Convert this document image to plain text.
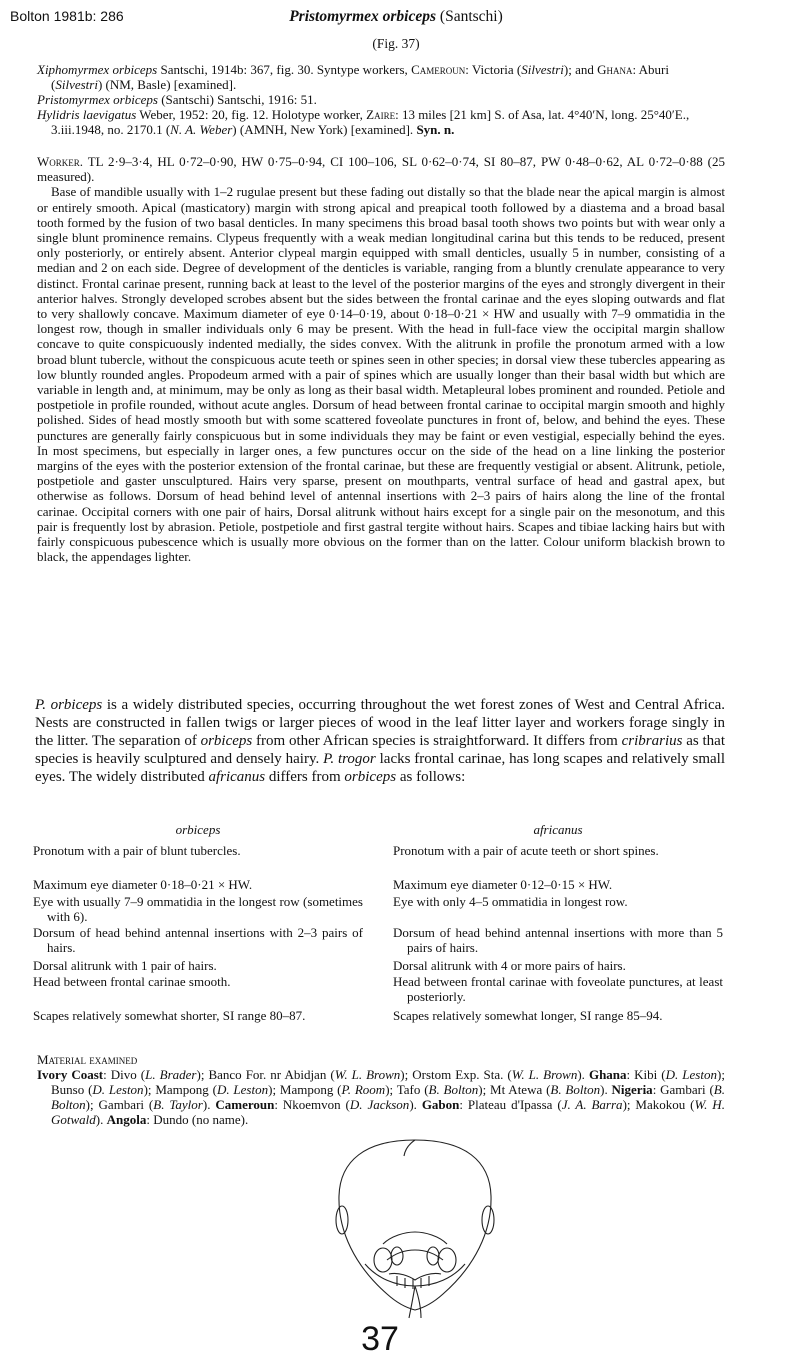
Bolton 1981b: 286	Pristomyrmex orbiceps (Santschi)
(Fig. 37)

Xiphomyrmex orbiceps Santschi, 1914b: 367, fig. 30. Syntype workers, Cameroun: Victoria (Silvestri); and Ghana: Aburi (Silvestri) (NM, Basle) [examined].

Pristomyrmex orbiceps (Santschi) Santschi, 1916: 51.

Hylidris laevigatus Weber, 1952: 20, fig. 12. Holotype worker, Zaire: 13 miles [21 km] S. of Asa, lat. 4°40′N, long. 25°40′E., 3.iii.1948, no. 2170.1 (N. A. Weber) (AMNH, New York) [examined]. Syn. n.

Worker. TL 2·9–3·4, HL 0·72–0·90, HW 0·75–0·94, CI 100–106, SL 0·62–0·74, SI 80–87, PW 0·48–0·62, AL 0·72–0·88 (25 measured).

Base of mandible usually with 1–2 rugulae present but these fading out distally so that the blade near the apical margin is almost or entirely smooth. Apical (masticatory) margin with strong apical and preapical tooth followed by a diastema and a broad basal tooth formed by the fusion of two basal denticles. In many specimens this broad basal tooth shows two points but with wear only a single blunt prominence remains. Clypeus frequently with a weak median longitudinal carina but this tends to be reduced, present only posteriorly, or entirely absent. Anterior clypeal margin equipped with small denticles, usually 5 in number, consisting of a median and 2 on each side. Degree of development of the denticles is variable, ranging from a bluntly crenulate appearance to very distinct. Frontal carinae present, running back at least to the level of the posterior margins of the eyes and strongly divergent in their anterior halves. Strongly developed scrobes absent but the sides between the frontal carinae and the eyes sloping outwards and flat to very shallowly concave. Maximum diameter of eye 0·14–0·19, about 0·18–0·21 × HW and usually with 7–9 ommatidia in the longest row, though in smaller individuals only 6 may be present. With the head in full-face view the occipital margin shallow concave to quite conspicuously indented medially, the sides convex. With the alitrunk in profile the pronotum armed with a low broad blunt tubercle, without the conspicuous acute teeth or spines seen in other species; in dorsal view these tubercles appearing as low bluntly rounded angles. Propodeum armed with a pair of spines which are usually longer than their basal width but which are variable in length and, at minimum, may be only as long as their basal width. Metapleural lobes prominent and rounded. Petiole and postpetiole in profile rounded, without acute angles. Dorsum of head between frontal carinae to occipital margin smooth and highly polished. Sides of head mostly smooth but with some scattered foveolate punctures in front of, below, and behind the eyes. These punctures are generally fairly conspicuous but in some individuals they may be faint or even vestigial, especially behind the eyes. In most specimens, but especially in larger ones, a few punctures occur on the side of the head on a line linking the posterior margins of the eyes with the posterior extension of the frontal carinae, but these are frequently vestigial or absent. Alitrunk, petiole, postpetiole and gaster unsculptured. Hairs very sparse, present on mouthparts, ventral surface of head and gastral apex, but otherwise as follows. Dorsum of head behind level of antennal insertions with 2–3 pairs of hairs along the line of the frontal carinae. Occipital corners with one pair of hairs, Dorsal alitrunk without hairs except for a single pair on the mesonotum, and this pair is frequently lost by abrasion. Petiole, postpetiole and first gastral tergite without hairs. Scapes and tibiae lacking hairs but with fairly conspicuous pubescence which is usually more obvious on the former than on the latter. Colour uniform blackish brown to black, the appendages lighter.

P. orbiceps is a widely distributed species, occurring throughout the wet forest zones of West and Central Africa. Nests are constructed in fallen twigs or larger pieces of wood in the leaf litter layer and workers forage singly in the litter. The separation of orbiceps from other African species is straightforward. It differs from cribrarius as that species is heavily sculptured and densely hairy. P. trogor lacks frontal carinae, has long scapes and relatively small eyes. The widely distributed africanus differs from orbiceps as follows:

orbiceps
Pronotum with a pair of blunt tubercles.
Maximum eye diameter 0·18–0·21 × HW.
Eye with usually 7–9 ommatidia in the longest row (sometimes with 6).
Dorsum of head behind antennal insertions with 2–3 pairs of hairs.
Dorsal alitrunk with 1 pair of hairs.
Head between frontal carinae smooth.
Scapes relatively somewhat shorter, SI range 80–87.
africanus
Pronotum with a pair of acute teeth or short spines.
Maximum eye diameter 0·12–0·15 × HW.
Eye with only 4–5 ommatidia in longest row.
Dorsum of head behind antennal insertions with more than 5 pairs of hairs.
Dorsal alitrunk with 4 or more pairs of hairs.
Head between frontal carinae with foveolate punctures, at least posteriorly.
Scapes relatively somewhat longer, SI range 85–94.
Material examined

Ivory Coast: Divo (L. Brader); Banco For. nr Abidjan (W. L. Brown); Orstom Exp. Sta. (W. L. Brown). Ghana: Kibi (D. Leston); Bunso (D. Leston); Mampong (D. Leston); Mampong (P. Room); Tafo (B. Bolton); Mt Atewa (B. Bolton). Nigeria: Gambari (B. Bolton); Gambari (B. Taylor). Cameroun: Nkoemvon (D. Jackson). Gabon: Plateau d'Ipassa (J. A. Barra); Makokou (W. H. Gotwald). Angola: Dundo (no name).

37
